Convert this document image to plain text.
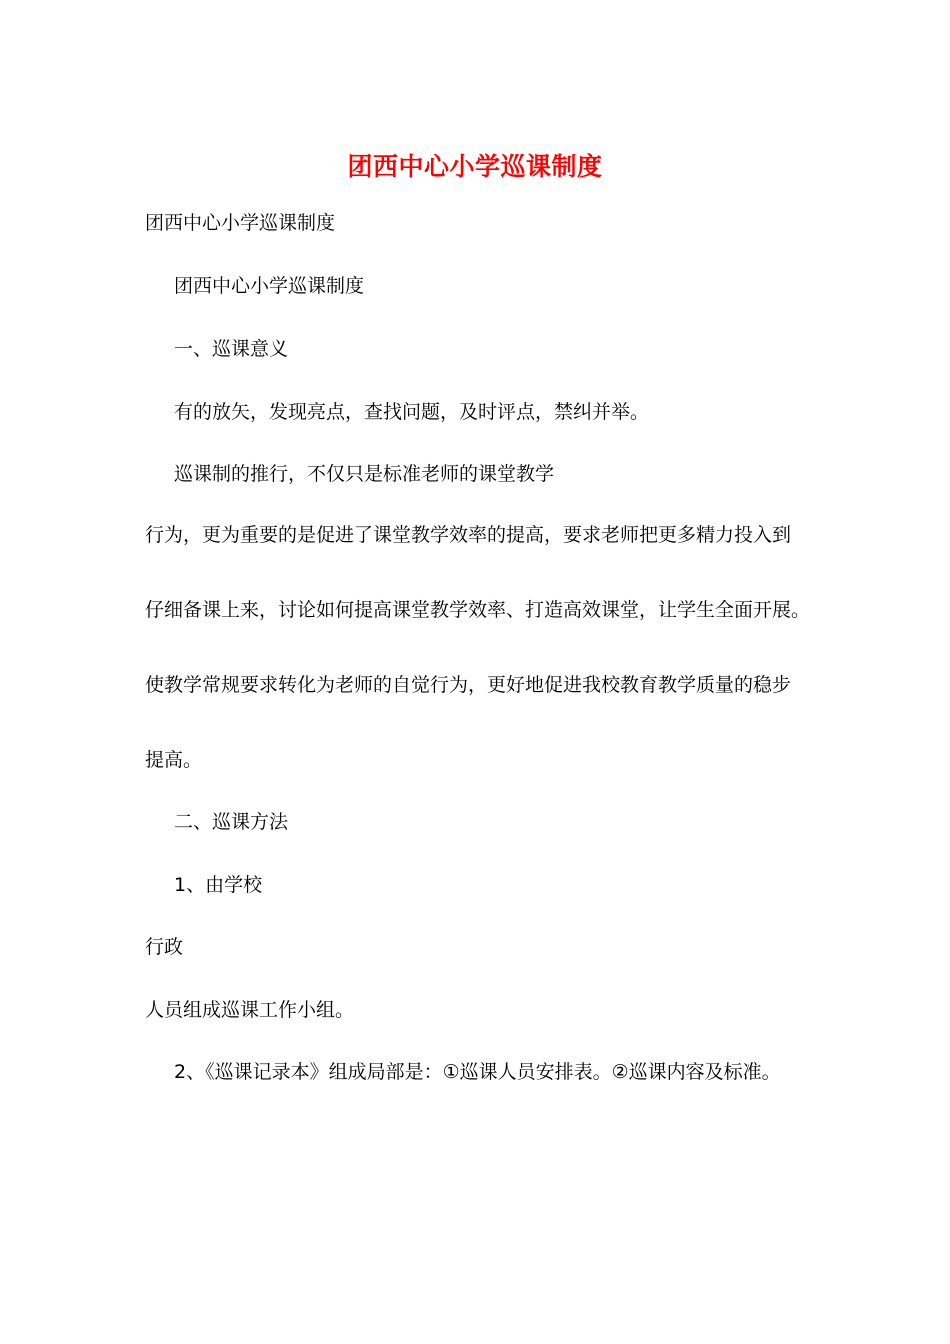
团西中心小学巡课制度
团西中心小学巡课制度
团西中心小学巡课制度
一、巡课意义
有的放矢，发现亮点，查找问题，及时评点，禁纠并举。
巡课制的推行，不仅只是标准老师的课堂教学
行为，更为重要的是促进了课堂教学效率的提高，要求老师把更多精力投入到
仔细备课上来，讨论如何提高课堂教学效率、打造高效课堂，让学生全面开展。
使教学常规要求转化为老师的自觉行为，更好地促进我校教育教学质量的稳步
提高。
二、巡课方法
1、由学校
行政
人员组成巡课工作小组。
2、《巡课记录本》组成局部是：①巡课人员安排表。②巡课内容及标准。
